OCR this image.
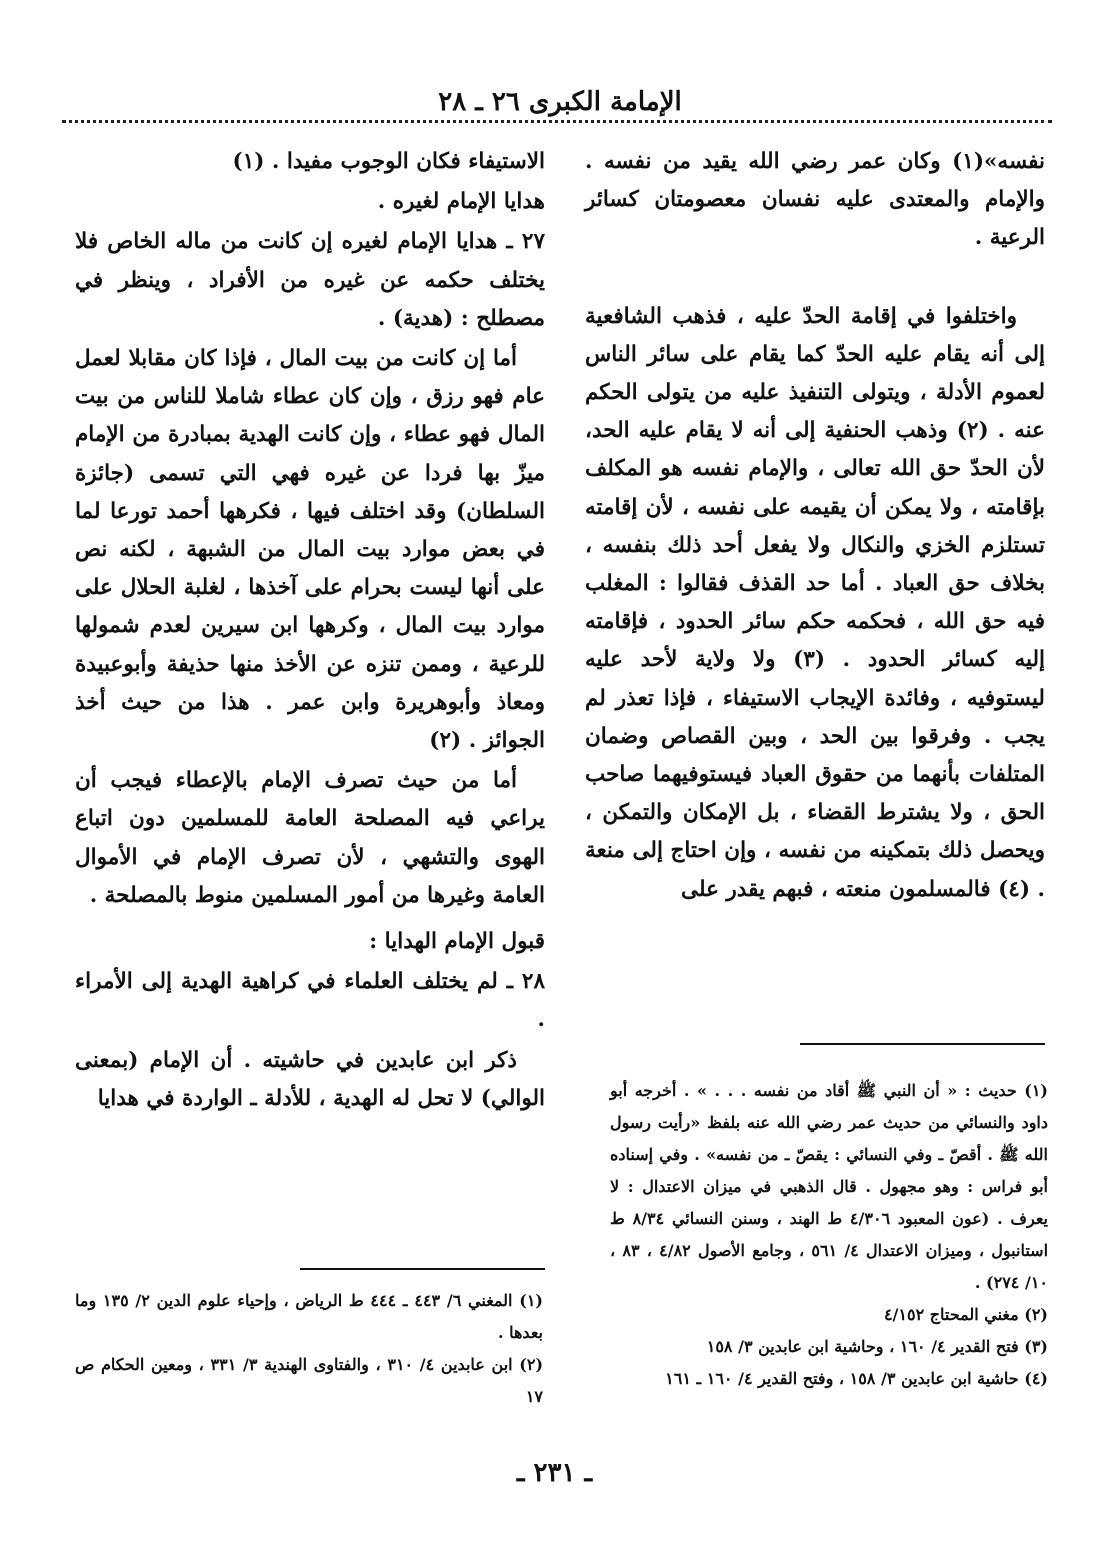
الإمامة الكبرى ٢٦ ـ ٢٨

نفسه»(١) وكان عمر رضي الله يقيد من نفسه . والإمام والمعتدى عليه نفسان معصومتان كسائر الرعية .

واختلفوا في إقامة الحدّ عليه ، فذهب الشافعية إلى أنه يقام عليه الحدّ كما يقام على سائر الناس لعموم الأدلة ، ويتولى التنفيذ عليه من يتولى الحكم عنه . (٢) وذهب الحنفية إلى أنه لا يقام عليه الحد، لأن الحدّ حق الله تعالى ، والإمام نفسه هو المكلف بإقامته ، ولا يمكن أن يقيمه على نفسه ، لأن إقامته تستلزم الخزي والنكال ولا يفعل أحد ذلك بنفسه ، بخلاف حق العباد . أما حد القذف فقالوا : المغلب فيه حق الله ، فحكمه حكم سائر الحدود ، فإقامته إليه كسائر الحدود . (٣) ولا ولاية لأحد عليه ليستوفيه ، وفائدة الإيجاب الاستيفاء ، فإذا تعذر لم يجب . وفرقوا بين الحد ، وبين القصاص وضمان المتلفات بأنهما من حقوق العباد فيستوفيهما صاحب الحق ، ولا يشترط القضاء ، بل الإمكان والتمكن ، ويحصل ذلك بتمكينه من نفسه ، وإن احتاج إلى منعة . (٤) فالمسلمون منعته ، فبهم يقدر على

الاستيفاء فكان الوجوب مفيدا . (١)

هدايا الإمام لغيره .

٢٧ ـ هدايا الإمام لغيره إن كانت من ماله الخاص فلا يختلف حكمه عن غيره من الأفراد ، وينظر في مصطلح : (هدية) .

أما إن كانت من بيت المال ، فإذا كان مقابلا لعمل عام فهو رزق ، وإن كان عطاء شاملا للناس من بيت المال فهو عطاء ، وإن كانت الهدية بمبادرة من الإمام ميزّ بها فردا عن غيره فهي التي تسمى (جائزة السلطان) وقد اختلف فيها ، فكرهها أحمد تورعا لما في بعض موارد بيت المال من الشبهة ، لكنه نص على أنها ليست بحرام على آخذها ، لغلبة الحلال على موارد بيت المال ، وكرهها ابن سيرين لعدم شمولها للرعية ، وممن تنزه عن الأخذ منها حذيفة وأبوعبيدة ومعاذ وأبوهريرة وابن عمر . هذا من حيث أخذ الجوائز . (٢)

أما من حيث تصرف الإمام بالإعطاء فيجب أن يراعي فيه المصلحة العامة للمسلمين دون اتباع الهوى والتشهي ، لأن تصرف الإمام في الأموال العامة وغيرها من أمور المسلمين منوط بالمصلحة .

قبول الإمام الهدايا :

٢٨ ـ لم يختلف العلماء في كراهية الهدية إلى الأمراء .

ذكر ابن عابدين في حاشيته . أن الإمام (بمعنى الوالي) لا تحل له الهدية ، للأدلة ـ الواردة في هدايا	(١) حديث : « أن النبي ﷺ أقاد من نفسه . . . » . أخرجه أبو داود والنسائي من حديث عمر رضي الله عنه بلفظ «رأيت رسول الله ﷺ . أقصّ ـ وفي النسائي : يقصّ ـ من نفسه» . وفي إسناده أبو فراس : وهو مجهول . قال الذهبي في ميزان الاعتدال : لا يعرف . (عون المعبود ٤/٣٠٦ ط الهند ، وسنن النسائي ٨/٣٤ ط استانبول ، وميزان الاعتدال ٤/ ٥٦١ ، وجامع الأصول ٤/٨٢ ، ٨٣ ، ١٠/ ٢٧٤) .
(٢) مغني المحتاج ٤/١٥٢
(٣) فتح القدير ٤/ ١٦٠ ، وحاشية ابن عابدين ٣/ ١٥٨
(٤) حاشية ابن عابدين ٣/ ١٥٨ ، وفتح القدير ٤/ ١٦٠ ـ ١٦١
(١) المغني ٦/ ٤٤٣ ـ ٤٤٤ ط الرياض ، وإحياء علوم الدين ٢/ ١٣٥ وما بعدها .
(٢) ابن عابدين ٤/ ٣١٠ ، والفتاوى الهندية ٣/ ٣٣١ ، ومعين الحكام ص ١٧
ـ ٢٣١ ـ
